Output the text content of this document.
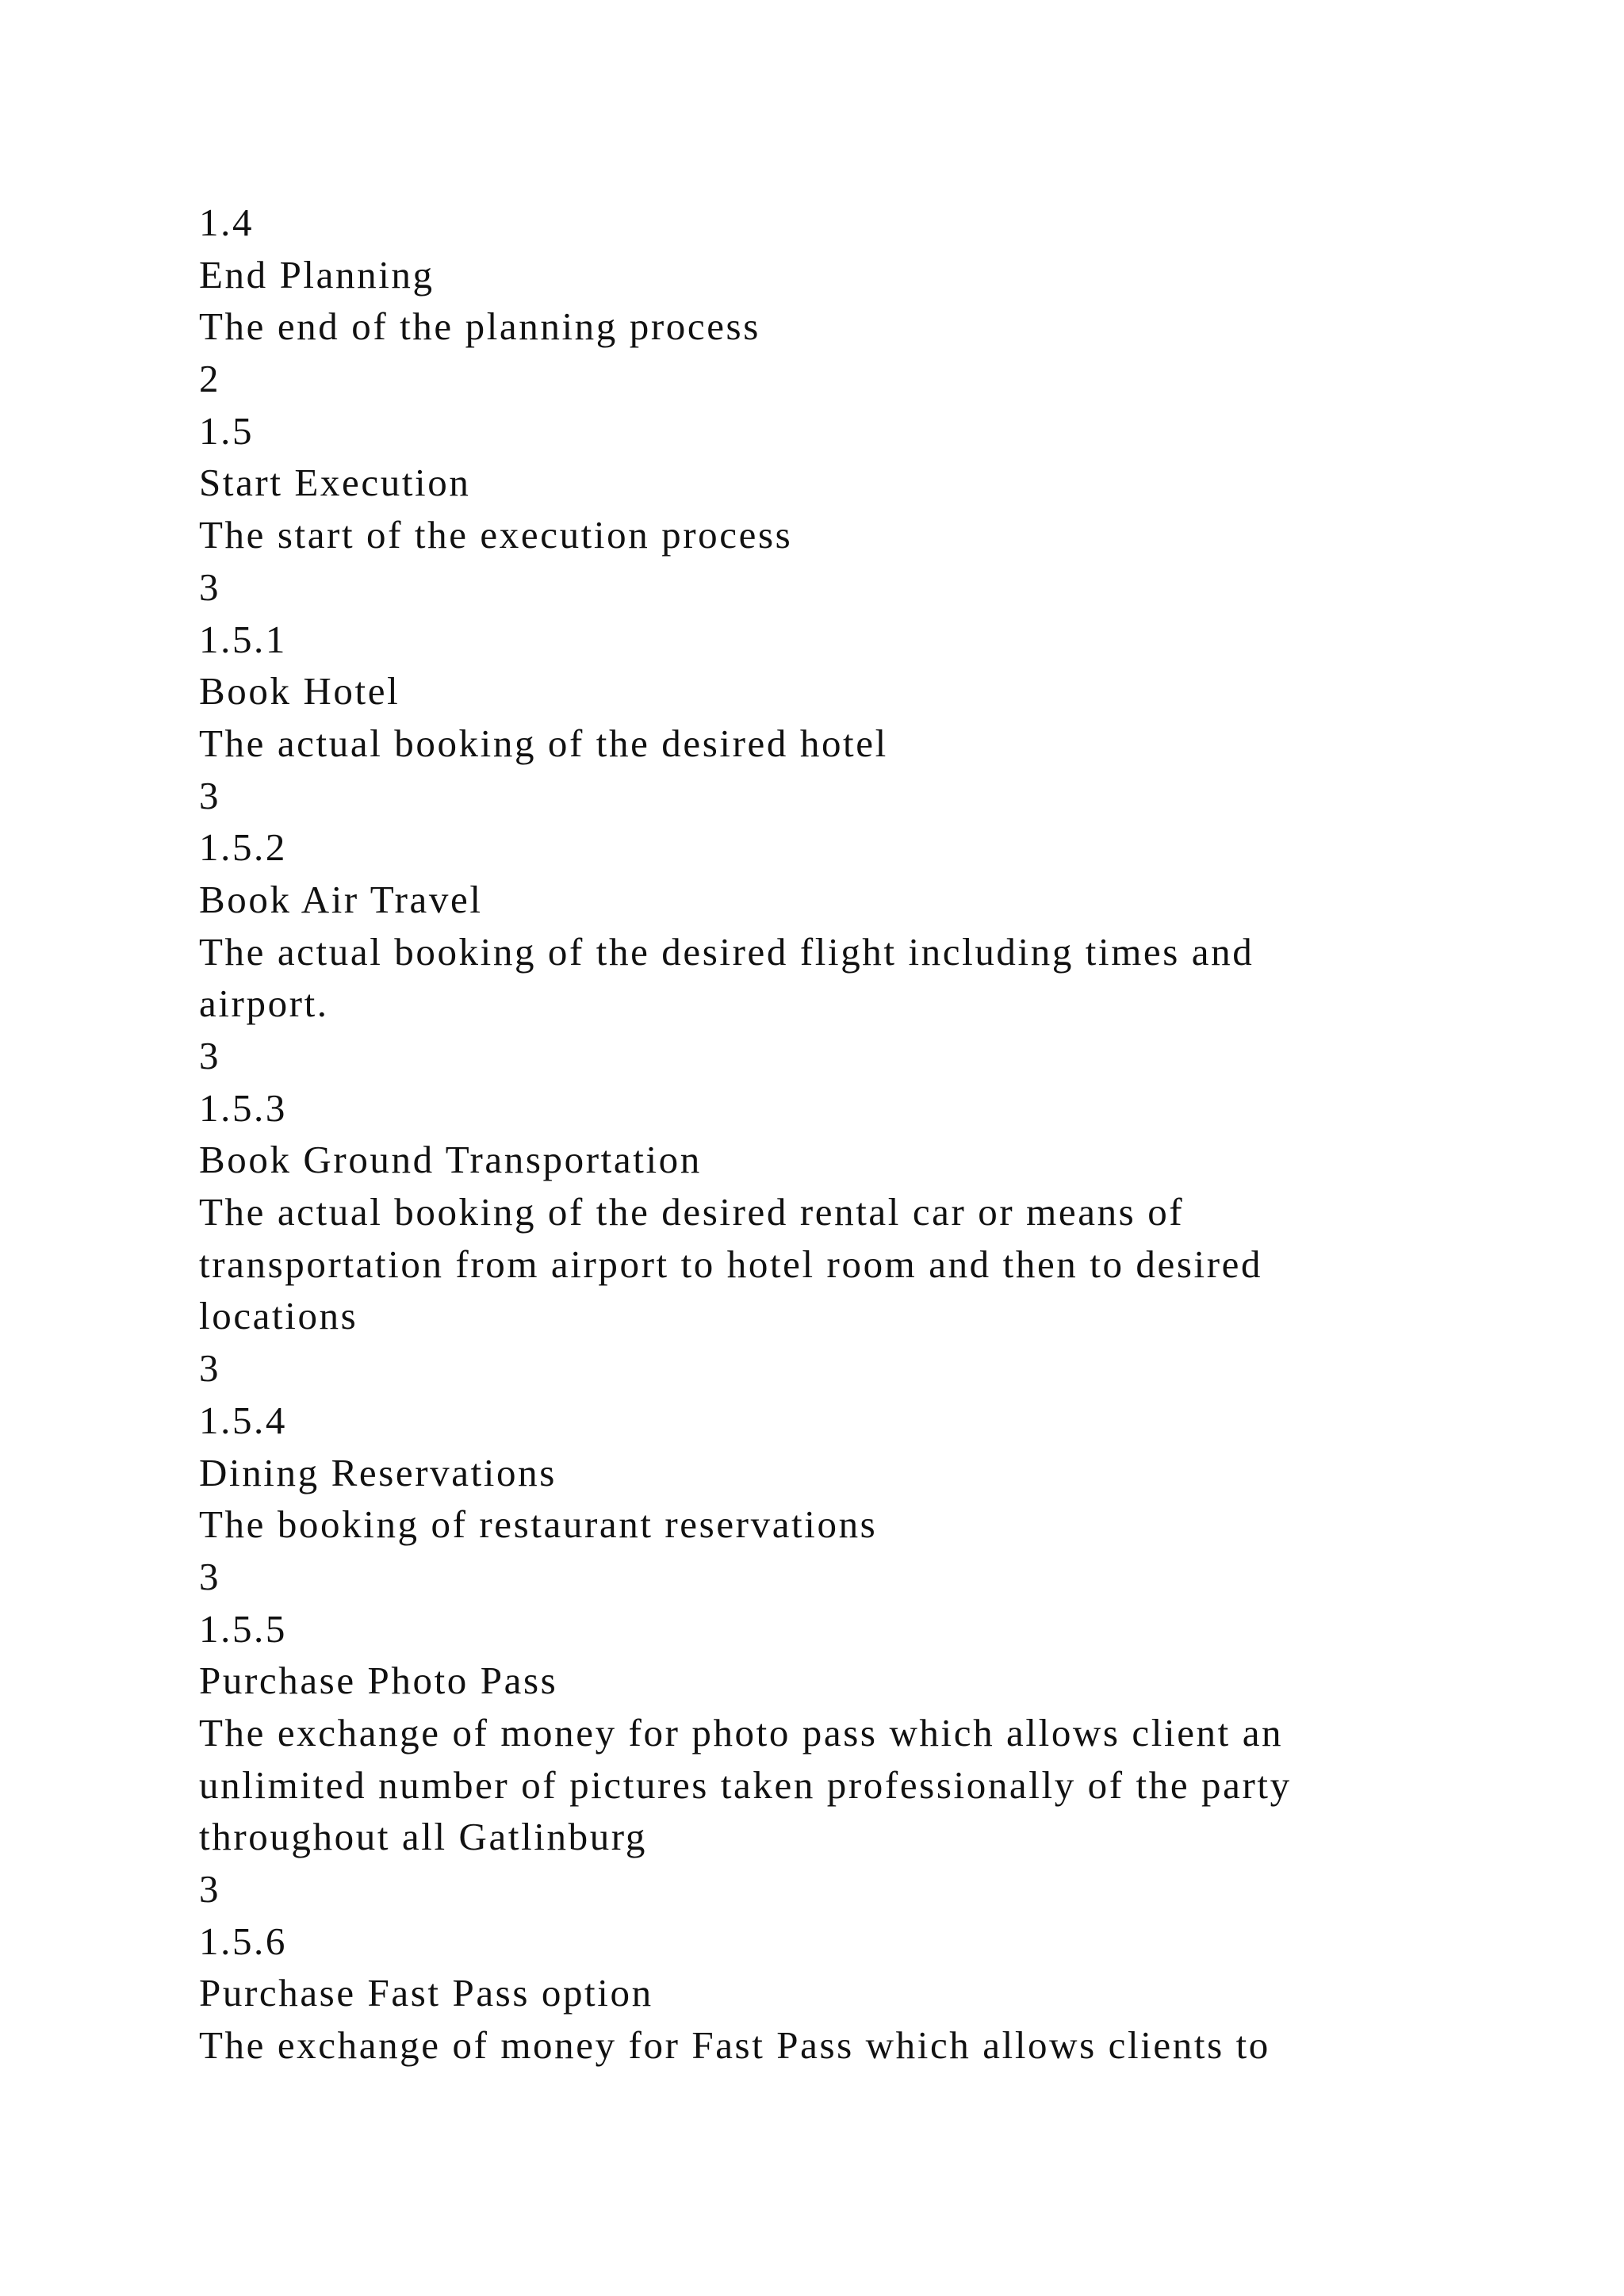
1.4
End Planning
The end of the planning process
2
1.5
Start Execution
The start of the execution process
3
1.5.1
Book Hotel
The actual booking of the desired hotel
3
1.5.2
Book Air Travel
The actual booking of the desired flight including times and
airport.
3
1.5.3
Book Ground Transportation
The actual booking of the desired rental car or means of
transportation from airport to hotel room and then to desired
locations
3
1.5.4
Dining Reservations
The booking of restaurant reservations
3
1.5.5
Purchase Photo Pass
The exchange of money for photo pass which allows client an
unlimited number of pictures taken professionally of the party
throughout all Gatlinburg
3
1.5.6
Purchase Fast Pass option
The exchange of money for Fast Pass which allows clients to
